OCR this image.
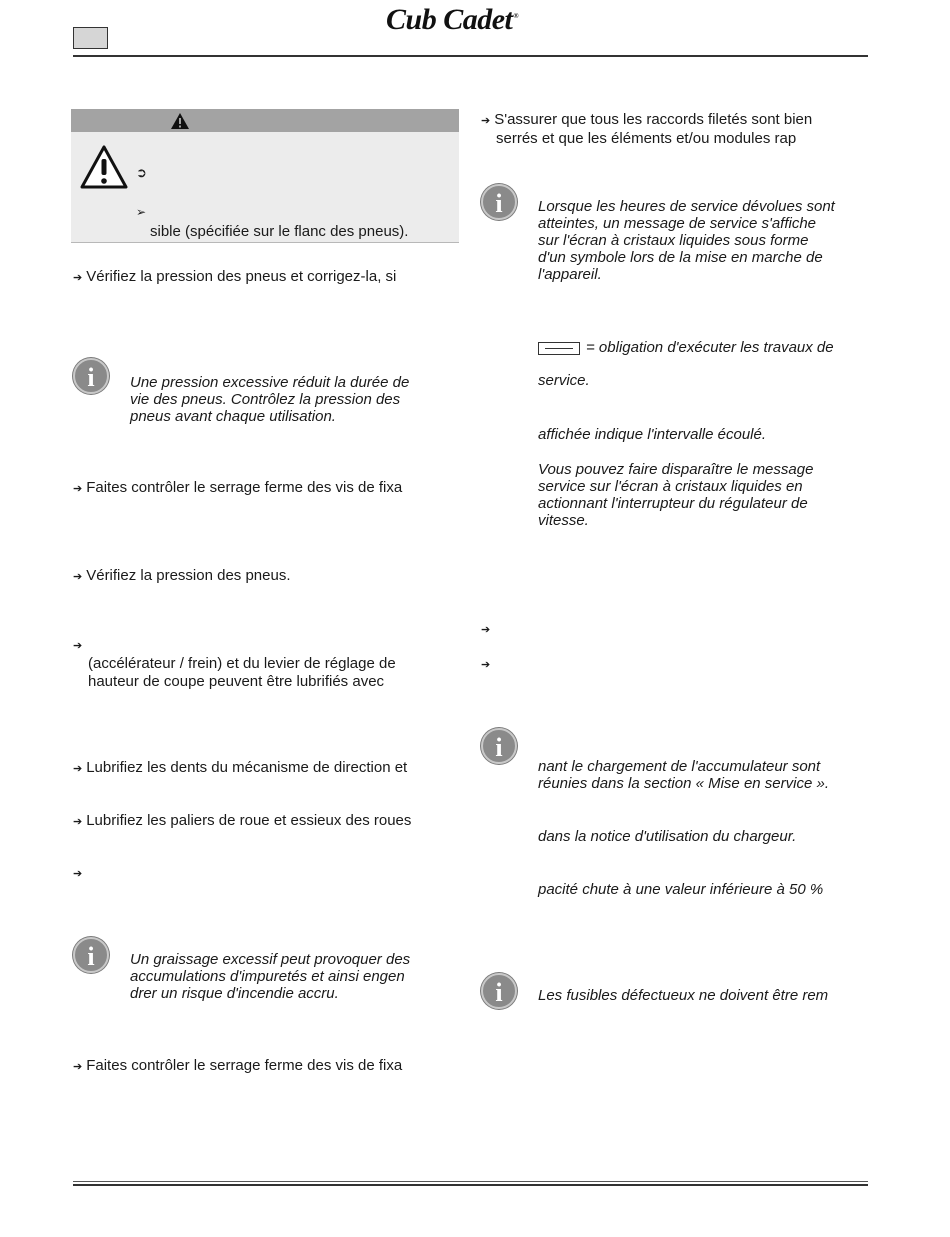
Cub Cadet®
➲
➢
sible (spécifiée sur le flanc des pneus).
➔ Vérifiez la pression des pneus et corrigez-la, si
i	Une pression excessive réduit la durée de
vie des pneus. Contrôlez la pression des
pneus avant chaque utilisation.
➔ Faites contrôler le serrage ferme des vis de fixa
➔ Vérifiez la pression des pneus.
➔
(accélérateur / frein) et du levier de réglage de
hauteur de coupe peuvent être lubrifiés avec
➔ Lubrifiez les dents du mécanisme de direction et
➔ Lubrifiez les paliers de roue et essieux des roues
➔
i	Un graissage excessif peut provoquer des
accumulations d'impuretés et ainsi engen
drer un risque d'incendie accru.
➔ Faites contrôler le serrage ferme des vis de fixa
➔ S'assurer que tous les raccords filetés sont bien
serrés et que les éléments et/ou modules rap
i	Lorsque les heures de service dévolues sont
atteintes, un message de service s'affiche
sur l'écran à cristaux liquides sous forme
d'un symbole lors de la mise en marche de
l'appareil.
= obligation d'exécuter les travaux de
service.
affichée indique l'intervalle écoulé.
Vous pouvez faire disparaître le message
service sur l'écran à cristaux liquides en
actionnant l'interrupteur du régulateur de
vitesse.
➔
➔
i
nant le chargement de l'accumulateur sont
réunies dans la section « Mise en service ».
dans la notice d'utilisation du chargeur.
pacité chute à une valeur inférieure à 50 %
i	Les fusibles défectueux ne doivent être rem
